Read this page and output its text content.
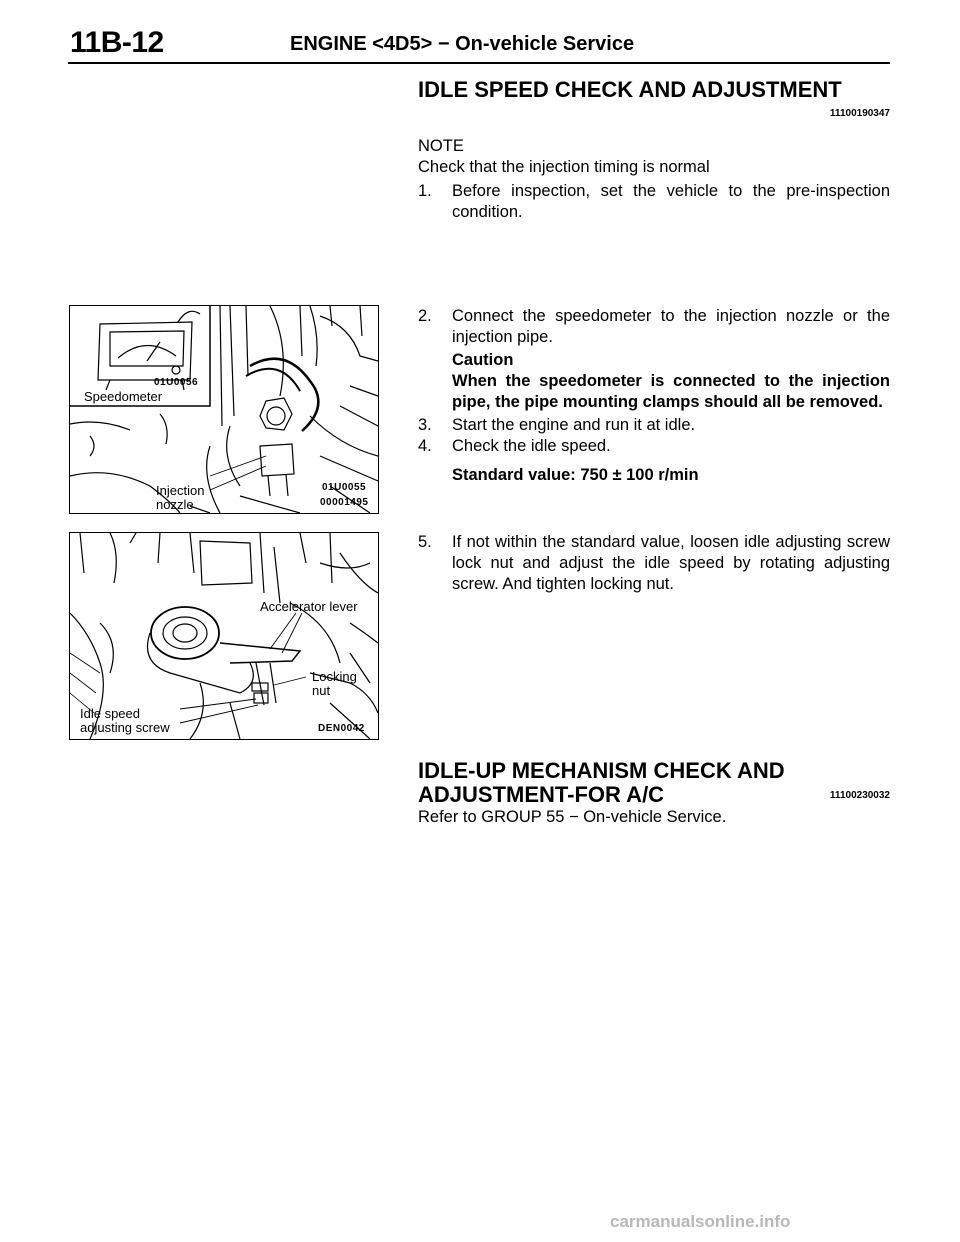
11B-12	ENGINE <4D5> − On-vehicle Service
IDLE SPEED CHECK AND ADJUSTMENT
11100190347
NOTE
Check that the injection timing is normal
1.	Before inspection, set the vehicle to the pre-inspection condition.
2.	Connect the speedometer to the injection nozzle or the injection pipe.
Caution
When the speedometer is connected to the injection pipe, the pipe mounting clamps should all be removed.
3.	Start the engine and run it at idle.
4.	Check the idle speed.
Standard value: 750 ± 100 r/min
5.	If not within the standard value, loosen idle adjusting screw lock nut and adjust the idle speed by rotating adjusting screw. And tighten locking nut.
01U0056
Speedometer
Injection
nozzle
01U0055
00001495
Accelerator lever
Locking
nut
Idle speed
adjusting screw	DEN0042
IDLE-UP MECHANISM CHECK AND
ADJUSTMENT-FOR A/C	11100230032
Refer to GROUP 55 − On-vehicle Service.
carmanualsonline.info
